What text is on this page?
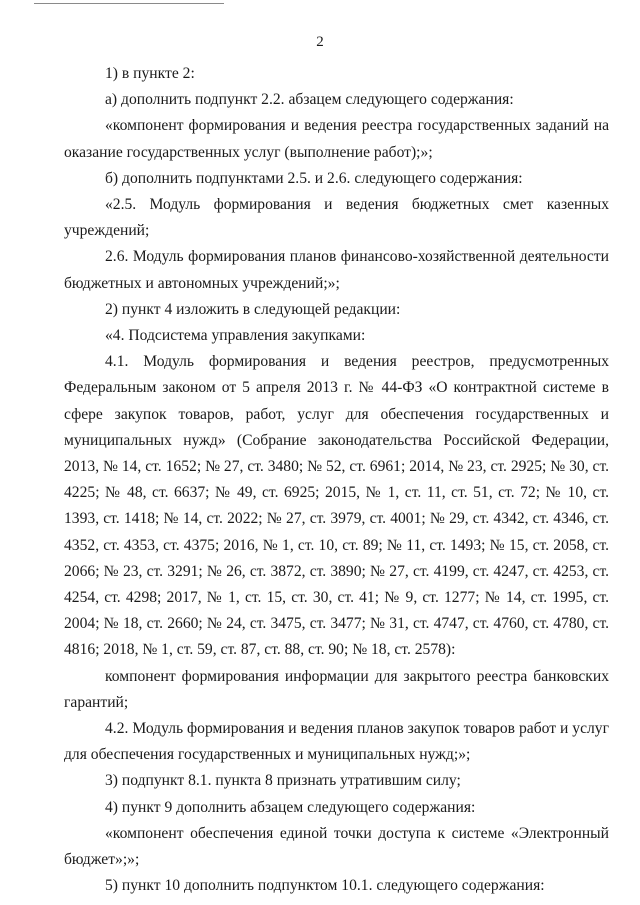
2

1) в пункте 2:

а) дополнить подпункт 2.2. абзацем следующего содержания:

«компонент формирования и ведения реестра государственных заданий на оказание государственных услуг (выполнение работ);»;

б) дополнить подпунктами 2.5. и 2.6. следующего содержания:

«2.5. Модуль формирования и ведения бюджетных смет казенных учреждений;

2.6. Модуль формирования планов финансово-хозяйственной деятельности бюджетных и автономных учреждений;»;

2) пункт 4 изложить в следующей редакции:

«4. Подсистема управления закупками:

4.1. Модуль формирования и ведения реестров, предусмотренных Федеральным законом от 5 апреля 2013 г. № 44-ФЗ «О контрактной системе в сфере закупок товаров, работ, услуг для обеспечения государственных и муниципальных нужд» (Собрание законодательства Российской Федерации, 2013, № 14, ст. 1652; № 27, ст. 3480; № 52, ст. 6961; 2014, № 23, ст. 2925; № 30, ст. 4225; № 48, ст. 6637; № 49, ст. 6925; 2015, № 1, ст. 11, ст. 51, ст. 72; № 10, ст. 1393, ст. 1418; № 14, ст. 2022; № 27, ст. 3979, ст. 4001; № 29, ст. 4342, ст. 4346, ст. 4352, ст. 4353, ст. 4375; 2016, № 1, ст. 10, ст. 89; № 11, ст. 1493; № 15, ст. 2058, ст. 2066; № 23, ст. 3291; № 26, ст. 3872, ст. 3890; № 27, ст. 4199, ст. 4247, ст. 4253, ст. 4254, ст. 4298; 2017, № 1, ст. 15, ст. 30, ст. 41; № 9, ст. 1277; № 14, ст. 1995, ст. 2004; № 18, ст. 2660; № 24, ст. 3475, ст. 3477; № 31, ст. 4747, ст. 4760, ст. 4780, ст. 4816; 2018, № 1, ст. 59, ст. 87, ст. 88, ст. 90; № 18, ст. 2578):

компонент формирования информации для закрытого реестра банковских гарантий;

4.2. Модуль формирования и ведения планов закупок товаров работ и услуг для обеспечения государственных и муниципальных нужд;»;

3) подпункт 8.1. пункта 8 признать утратившим силу;

4) пункт 9 дополнить абзацем следующего содержания:

«компонент обеспечения единой точки доступа к системе «Электронный бюджет»;»;

5) пункт 10 дополнить подпунктом 10.1. следующего содержания:
